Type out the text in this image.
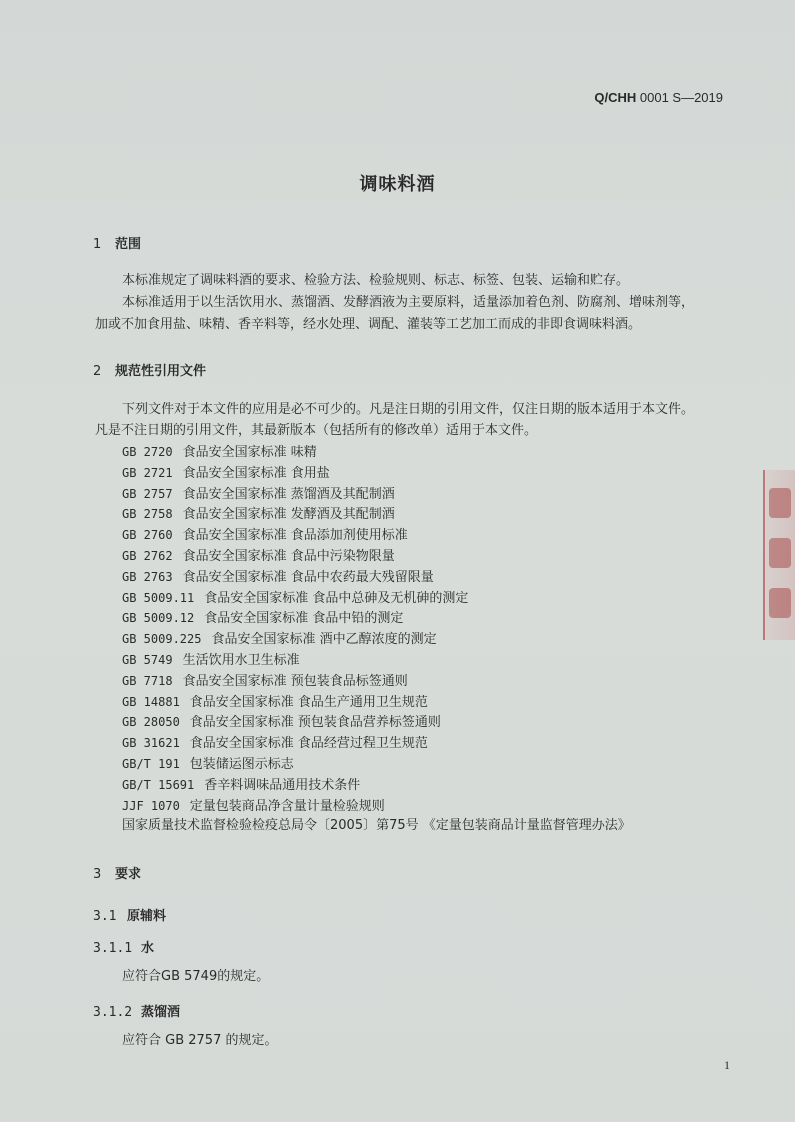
Q/CHH 0001 S—2019
调味料酒
1 范围
本标准规定了调味料酒的要求、检验方法、检验规则、标志、标签、包装、运输和贮存。
本标准适用于以生活饮用水、蒸馏酒、发酵酒液为主要原料，适量添加着色剂、防腐剂、增味剂等，
加或不加食用盐、味精、香辛料等，经水处理、调配、灌装等工艺加工而成的非即食调味料酒。
2 规范性引用文件
下列文件对于本文件的应用是必不可少的。凡是注日期的引用文件，仅注日期的版本适用于本文件。
凡是不注日期的引用文件，其最新版本（包括所有的修改单）适用于本文件。
GB 2720 食品安全国家标准 味精
GB 2721 食品安全国家标准 食用盐
GB 2757 食品安全国家标准 蒸馏酒及其配制酒
GB 2758 食品安全国家标准 发酵酒及其配制酒
GB 2760 食品安全国家标准 食品添加剂使用标准
GB 2762 食品安全国家标准 食品中污染物限量
GB 2763 食品安全国家标准 食品中农药最大残留限量
GB 5009.11 食品安全国家标准 食品中总砷及无机砷的测定
GB 5009.12 食品安全国家标准 食品中铅的测定
GB 5009.225 食品安全国家标准 酒中乙醇浓度的测定
GB 5749 生活饮用水卫生标准
GB 7718 食品安全国家标准 预包装食品标签通则
GB 14881 食品安全国家标准 食品生产通用卫生规范
GB 28050 食品安全国家标准 预包装食品营养标签通则
GB 31621 食品安全国家标准 食品经营过程卫生规范
GB/T 191 包装储运图示标志
GB/T 15691 香辛料调味品通用技术条件
JJF 1070 定量包装商品净含量计量检验规则
国家质量技术监督检验检疫总局令〔2005〕第75号 《定量包装商品计量监督管理办法》
3 要求
3.1 原辅料
3.1.1 水
应符合GB 5749的规定。
3.1.2 蒸馏酒
应符合 GB 2757 的规定。
1
